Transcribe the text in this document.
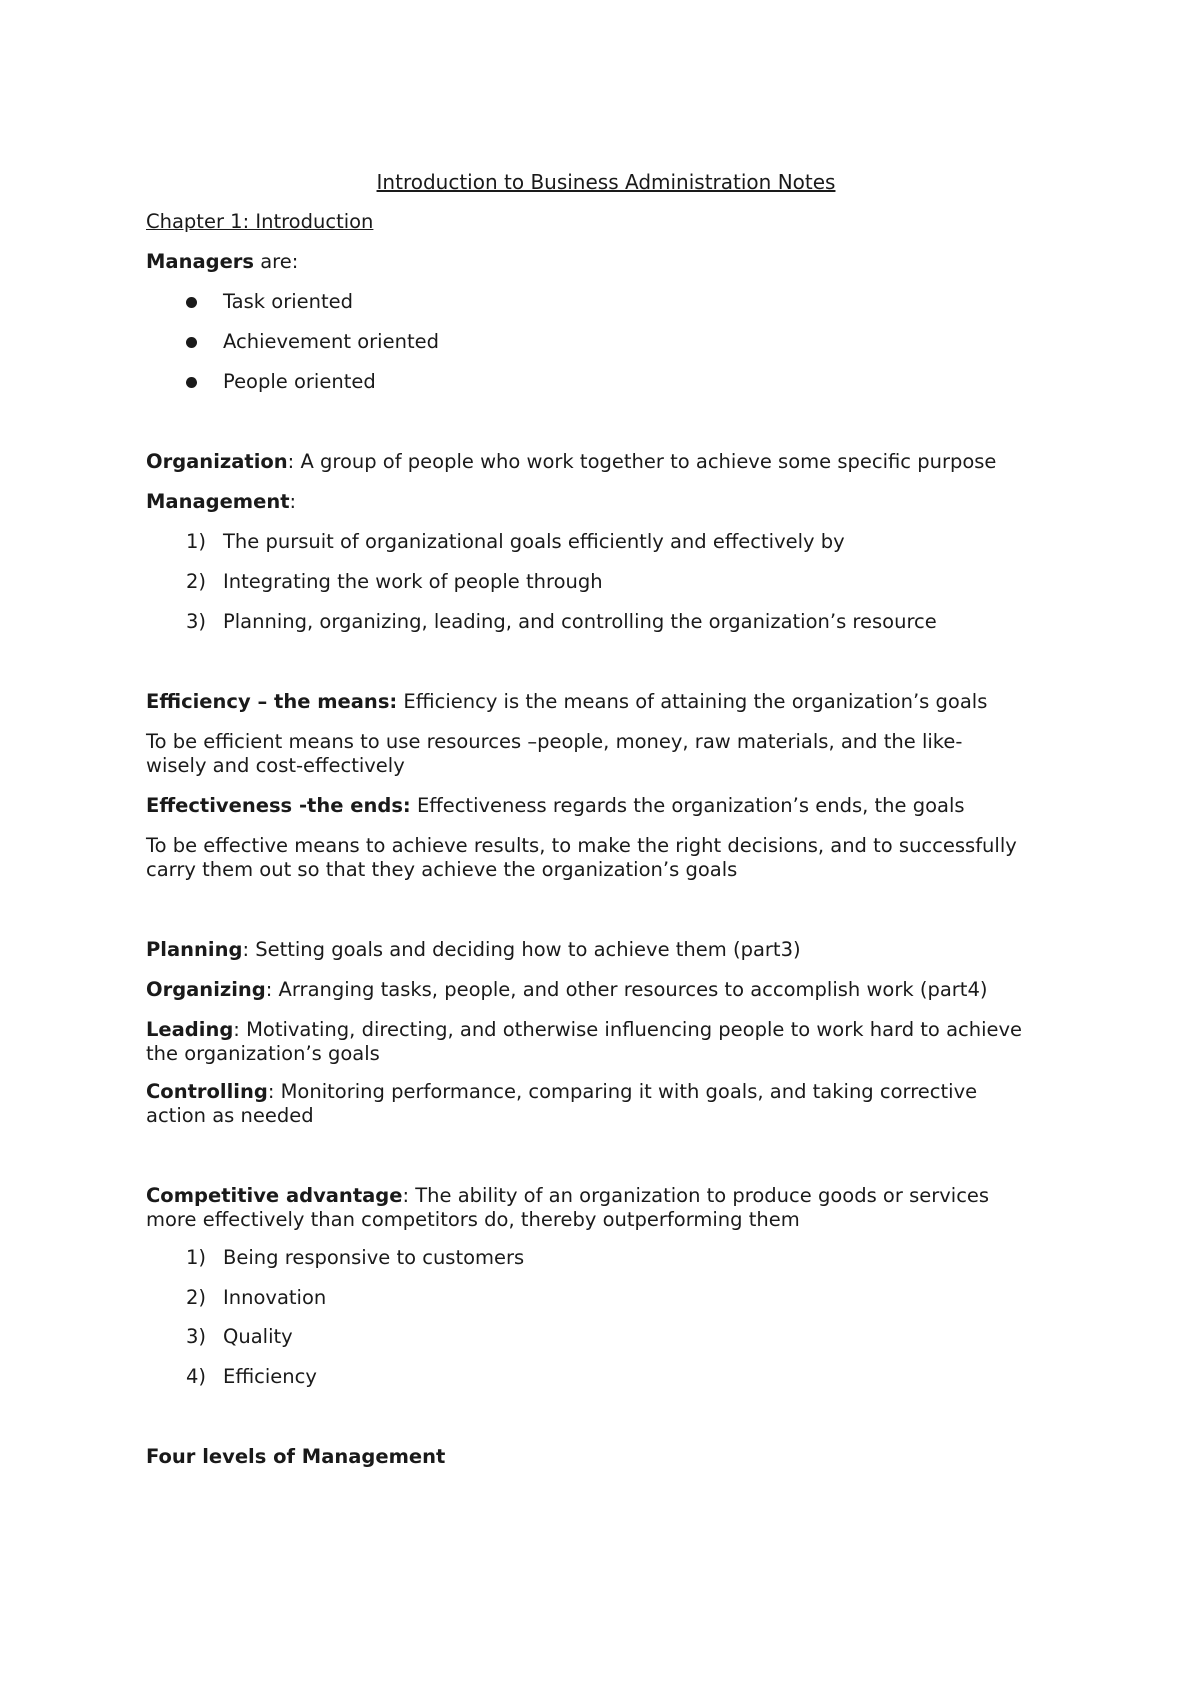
Introduction to Business Administration Notes
Chapter 1: Introduction
Managers are:
Task oriented
Achievement oriented
People oriented
Organization: A group of people who work together to achieve some specific purpose
Management:
1) The pursuit of organizational goals efficiently and effectively by
2) Integrating the work of people through
3) Planning, organizing, leading, and controlling the organization’s resource
Efficiency – the means: Efficiency is the means of attaining the organization’s goals
To be efficient means to use resources –people, money, raw materials, and the like-
wisely and cost-effectively
Effectiveness -the ends: Effectiveness regards the organization’s ends, the goals
To be effective means to achieve results, to make the right decisions, and to successfully
carry them out so that they achieve the organization’s goals
Planning: Setting goals and deciding how to achieve them (part3)
Organizing: Arranging tasks, people, and other resources to accomplish work (part4)
Leading: Motivating, directing, and otherwise influencing people to work hard to achieve
the organization’s goals
Controlling: Monitoring performance, comparing it with goals, and taking corrective
action as needed
Competitive advantage: The ability of an organization to produce goods or services
more effectively than competitors do, thereby outperforming them
1) Being responsive to customers
2) Innovation
3) Quality
4) Efficiency
Four levels of Management
